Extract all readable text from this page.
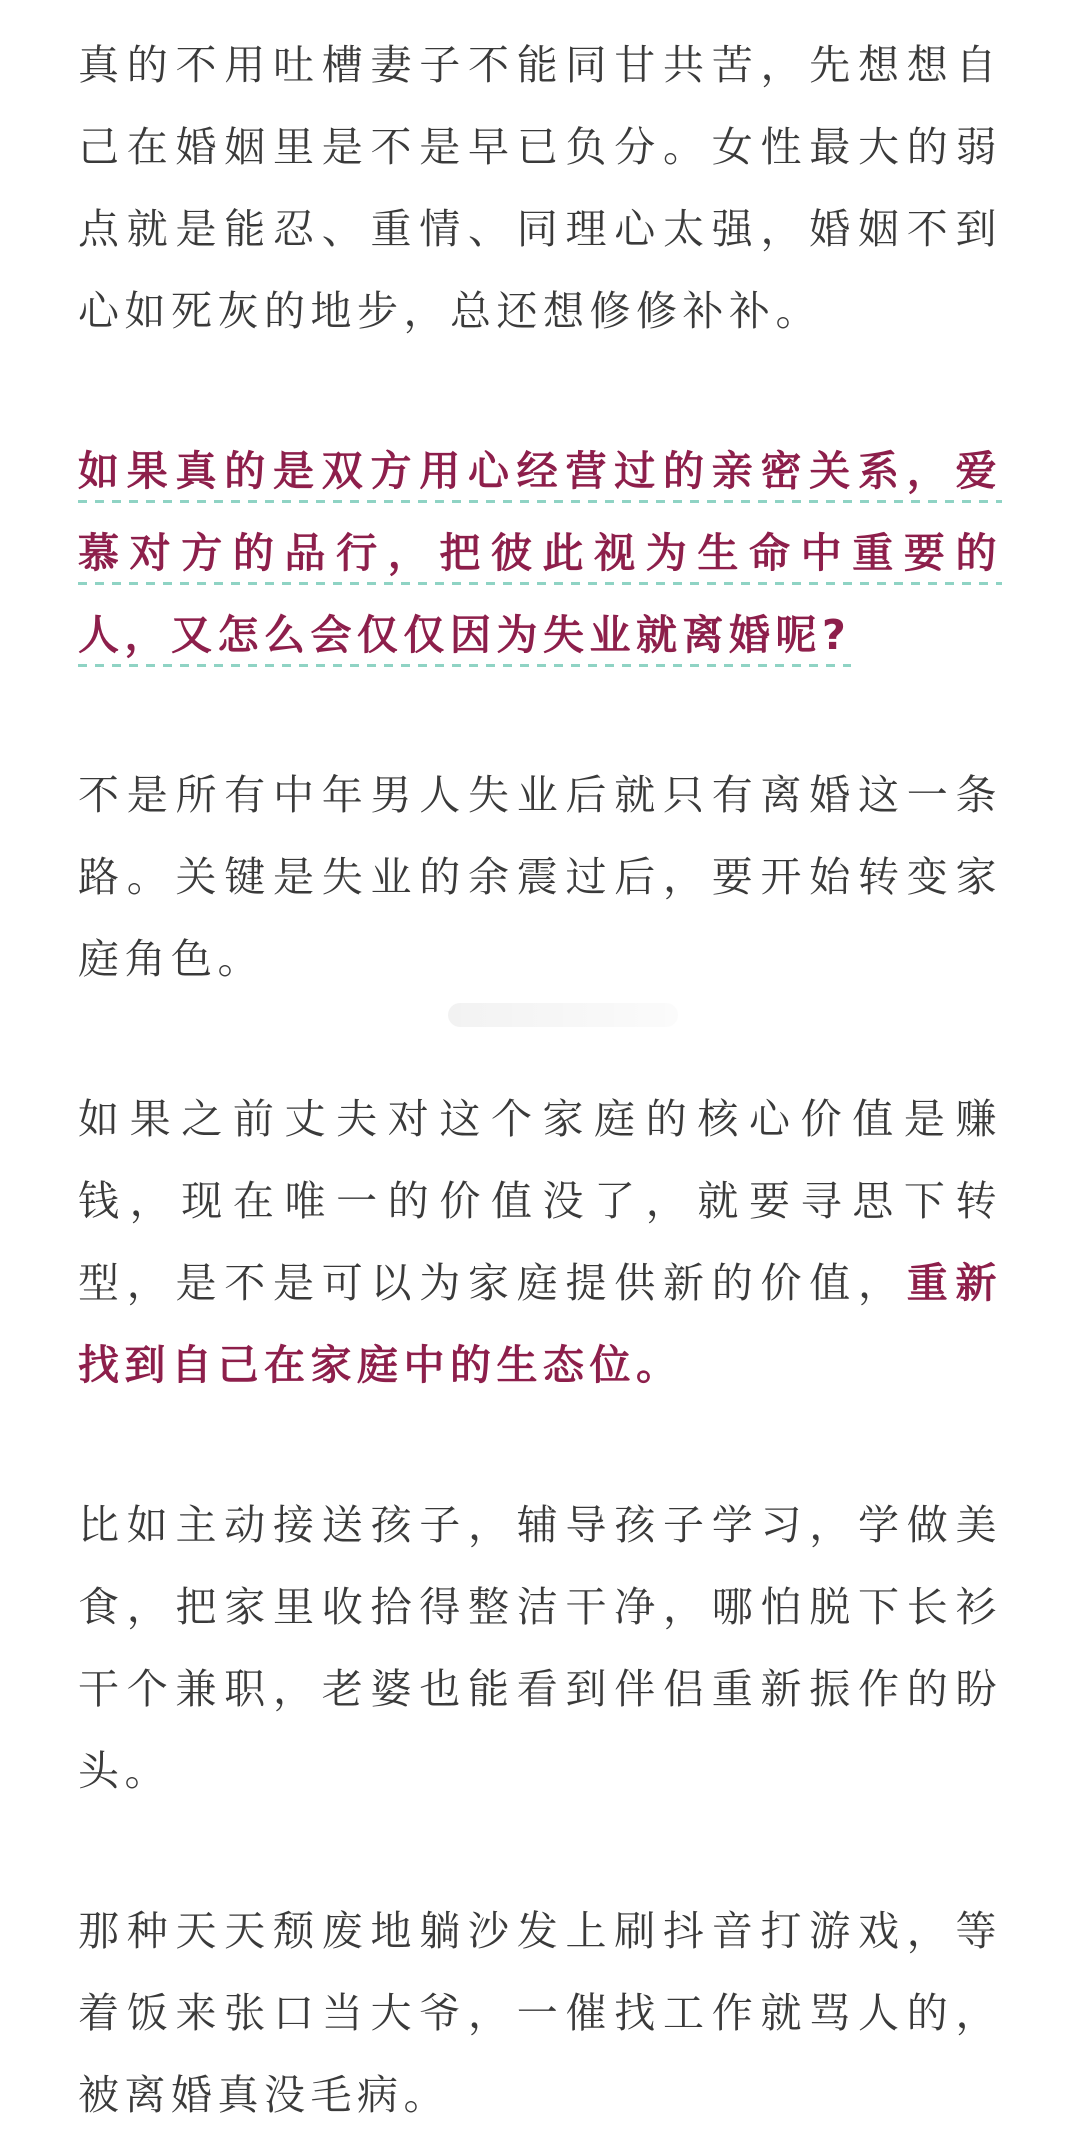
真的不用吐槽妻子不能同甘共苦，先想想自己在婚姻里是不是早已负分。女性最大的弱点就是能忍、重情、同理心太强，婚姻不到心如死灰的地步，总还想修修补补。

如果真的是双方用心经营过的亲密关系，爱慕对方的品行，把彼此视为生命中重要的人，又怎么会仅仅因为失业就离婚呢?

不是所有中年男人失业后就只有离婚这一条路。关键是失业的余震过后，要开始转变家庭角色。

如果之前丈夫对这个家庭的核心价值是赚钱，现在唯一的价值没了，就要寻思下转型，是不是可以为家庭提供新的价值，重新找到自己在家庭中的生态位。

比如主动接送孩子，辅导孩子学习，学做美食，把家里收拾得整洁干净，哪怕脱下长衫干个兼职，老婆也能看到伴侣重新振作的盼头。

那种天天颓废地躺沙发上刷抖音打游戏，等着饭来张口当大爷，一催找工作就骂人的，被离婚真没毛病。
